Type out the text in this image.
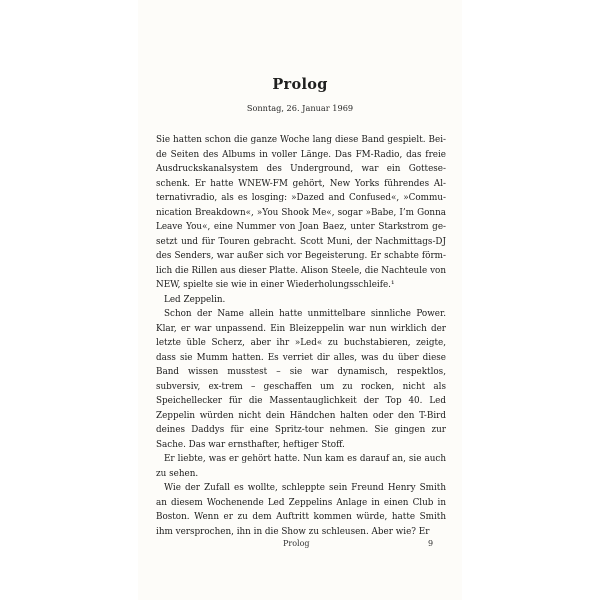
Prolog
Sonntag, 26. Januar 1969

Sie hatten schon die ganze Woche lang diese Band gespielt. Bei-de Seiten des Albums in voller Länge. Das FM-Radio, das freie Ausdruckskanalsystem des Underground, war ein Gottese-schenk. Er hatte WNEW-FM gehört, New Yorks führendes Al-ternativradio, als es losging: »Dazed and Confused«, »Commu-nication Breakdown«, »You Shook Me«, sogar »Babe, I’m Gonna Leave You«, eine Nummer von Joan Baez, unter Starkstrom ge-setzt und für Touren gebracht. Scott Muni, der Nachmittags-DJ des Senders, war außer sich vor Begeisterung. Er schabte förm-lich die Rillen aus dieser Platte. Alison Steele, die Nachteule von NEW, spielte sie wie in einer Wiederholungsschleife.¹

Led Zeppelin.

Schon der Name allein hatte unmittelbare sinnliche Power. Klar, er war unpassend. Ein Bleizeppelin war nun wirklich der letzte üble Scherz, aber ihr »Led« zu buchstabieren, zeigte, dass sie Mumm hatten. Es verriet dir alles, was du über diese Band wissen musstest – sie war dynamisch, respektlos, subversiv, ex-trem – geschaffen um zu rocken, nicht als Speichellecker für die Massentauglichkeit der Top 40. Led Zeppelin würden nicht dein Händchen halten oder den T-Bird deines Daddys für eine Spritz-tour nehmen. Sie gingen zur Sache. Das war ernsthafter, heftiger Stoff.

Er liebte, was er gehört hatte. Nun kam es darauf an, sie auch zu sehen.

Wie der Zufall es wollte, schleppte sein Freund Henry Smith an diesem Wochenende Led Zeppelins Anlage in einen Club in Boston. Wenn er zu dem Auftritt kommen würde, hatte Smith ihm versprochen, ihn in die Show zu schleusen. Aber wie? Er

Prolog	9
